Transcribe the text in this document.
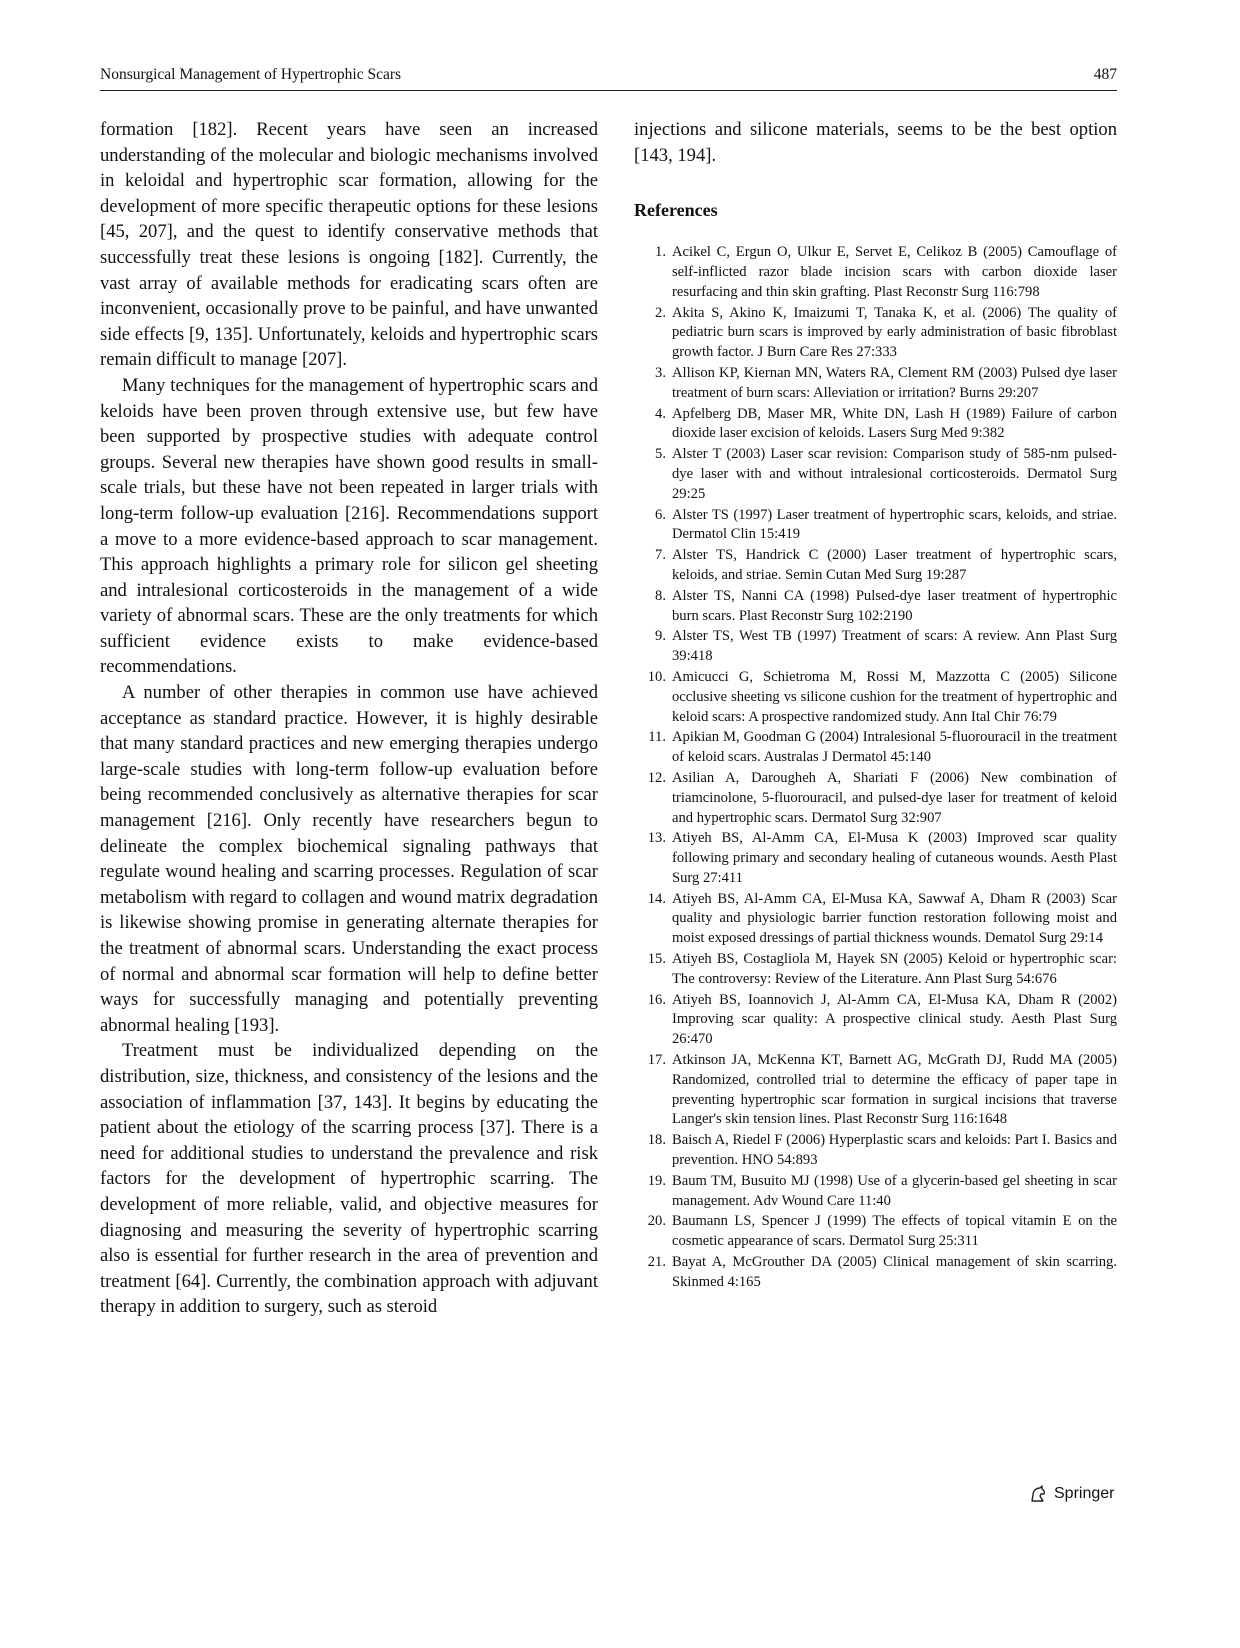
Nonsurgical Management of Hypertrophic Scars	487

formation [182]. Recent years have seen an increased understanding of the molecular and biologic mechanisms involved in keloidal and hypertrophic scar formation, allowing for the development of more specific therapeutic options for these lesions [45, 207], and the quest to identify conservative methods that successfully treat these lesions is ongoing [182]. Currently, the vast array of available methods for eradicating scars often are inconvenient, occasionally prove to be painful, and have unwanted side effects [9, 135]. Unfortunately, keloids and hypertrophic scars remain difficult to manage [207].

Many techniques for the management of hypertrophic scars and keloids have been proven through extensive use, but few have been supported by prospective studies with adequate control groups. Several new therapies have shown good results in small-scale trials, but these have not been repeated in larger trials with long-term follow-up evaluation [216]. Recommendations support a move to a more evidence-based approach to scar management. This approach highlights a primary role for silicon gel sheeting and intralesional corticosteroids in the management of a wide variety of abnormal scars. These are the only treatments for which sufficient evidence exists to make evidence-based recommendations.

A number of other therapies in common use have achieved acceptance as standard practice. However, it is highly desirable that many standard practices and new emerging therapies undergo large-scale studies with long-term follow-up evaluation before being recommended conclusively as alternative therapies for scar management [216]. Only recently have researchers begun to delineate the complex biochemical signaling pathways that regulate wound healing and scarring processes. Regulation of scar metabolism with regard to collagen and wound matrix degradation is likewise showing promise in generating alternate therapies for the treatment of abnormal scars. Understanding the exact process of normal and abnormal scar formation will help to define better ways for successfully managing and potentially preventing abnormal healing [193].

Treatment must be individualized depending on the distribution, size, thickness, and consistency of the lesions and the association of inflammation [37, 143]. It begins by educating the patient about the etiology of the scarring process [37]. There is a need for additional studies to understand the prevalence and risk factors for the development of hypertrophic scarring. The development of more reliable, valid, and objective measures for diagnosing and measuring the severity of hypertrophic scarring also is essential for further research in the area of prevention and treatment [64]. Currently, the combination approach with adjuvant therapy in addition to surgery, such as steroid

injections and silicone materials, seems to be the best option [143, 194].

References
1. Acikel C, Ergun O, Ulkur E, Servet E, Celikoz B (2005) Camouflage of self-inflicted razor blade incision scars with carbon dioxide laser resurfacing and thin skin grafting. Plast Reconstr Surg 116:798
2. Akita S, Akino K, Imaizumi T, Tanaka K, et al. (2006) The quality of pediatric burn scars is improved by early administration of basic fibroblast growth factor. J Burn Care Res 27:333
3. Allison KP, Kiernan MN, Waters RA, Clement RM (2003) Pulsed dye laser treatment of burn scars: Alleviation or irritation? Burns 29:207
4. Apfelberg DB, Maser MR, White DN, Lash H (1989) Failure of carbon dioxide laser excision of keloids. Lasers Surg Med 9:382
5. Alster T (2003) Laser scar revision: Comparison study of 585-nm pulsed-dye laser with and without intralesional corticosteroids. Dermatol Surg 29:25
6. Alster TS (1997) Laser treatment of hypertrophic scars, keloids, and striae. Dermatol Clin 15:419
7. Alster TS, Handrick C (2000) Laser treatment of hypertrophic scars, keloids, and striae. Semin Cutan Med Surg 19:287
8. Alster TS, Nanni CA (1998) Pulsed-dye laser treatment of hypertrophic burn scars. Plast Reconstr Surg 102:2190
9. Alster TS, West TB (1997) Treatment of scars: A review. Ann Plast Surg 39:418
10. Amicucci G, Schietroma M, Rossi M, Mazzotta C (2005) Silicone occlusive sheeting vs silicone cushion for the treatment of hypertrophic and keloid scars: A prospective randomized study. Ann Ital Chir 76:79
11. Apikian M, Goodman G (2004) Intralesional 5-fluorouracil in the treatment of keloid scars. Australas J Dermatol 45:140
12. Asilian A, Darougheh A, Shariati F (2006) New combination of triamcinolone, 5-fluorouracil, and pulsed-dye laser for treatment of keloid and hypertrophic scars. Dermatol Surg 32:907
13. Atiyeh BS, Al-Amm CA, El-Musa K (2003) Improved scar quality following primary and secondary healing of cutaneous wounds. Aesth Plast Surg 27:411
14. Atiyeh BS, Al-Amm CA, El-Musa KA, Sawwaf A, Dham R (2003) Scar quality and physiologic barrier function restoration following moist and moist exposed dressings of partial thickness wounds. Dematol Surg 29:14
15. Atiyeh BS, Costagliola M, Hayek SN (2005) Keloid or hypertrophic scar: The controversy: Review of the Literature. Ann Plast Surg 54:676
16. Atiyeh BS, Ioannovich J, Al-Amm CA, El-Musa KA, Dham R (2002) Improving scar quality: A prospective clinical study. Aesth Plast Surg 26:470
17. Atkinson JA, McKenna KT, Barnett AG, McGrath DJ, Rudd MA (2005) Randomized, controlled trial to determine the efficacy of paper tape in preventing hypertrophic scar formation in surgical incisions that traverse Langer's skin tension lines. Plast Reconstr Surg 116:1648
18. Baisch A, Riedel F (2006) Hyperplastic scars and keloids: Part I. Basics and prevention. HNO 54:893
19. Baum TM, Busuito MJ (1998) Use of a glycerin-based gel sheeting in scar management. Adv Wound Care 11:40
20. Baumann LS, Spencer J (1999) The effects of topical vitamin E on the cosmetic appearance of scars. Dermatol Surg 25:311
21. Bayat A, McGrouther DA (2005) Clinical management of skin scarring. Skinmed 4:165
Springer
